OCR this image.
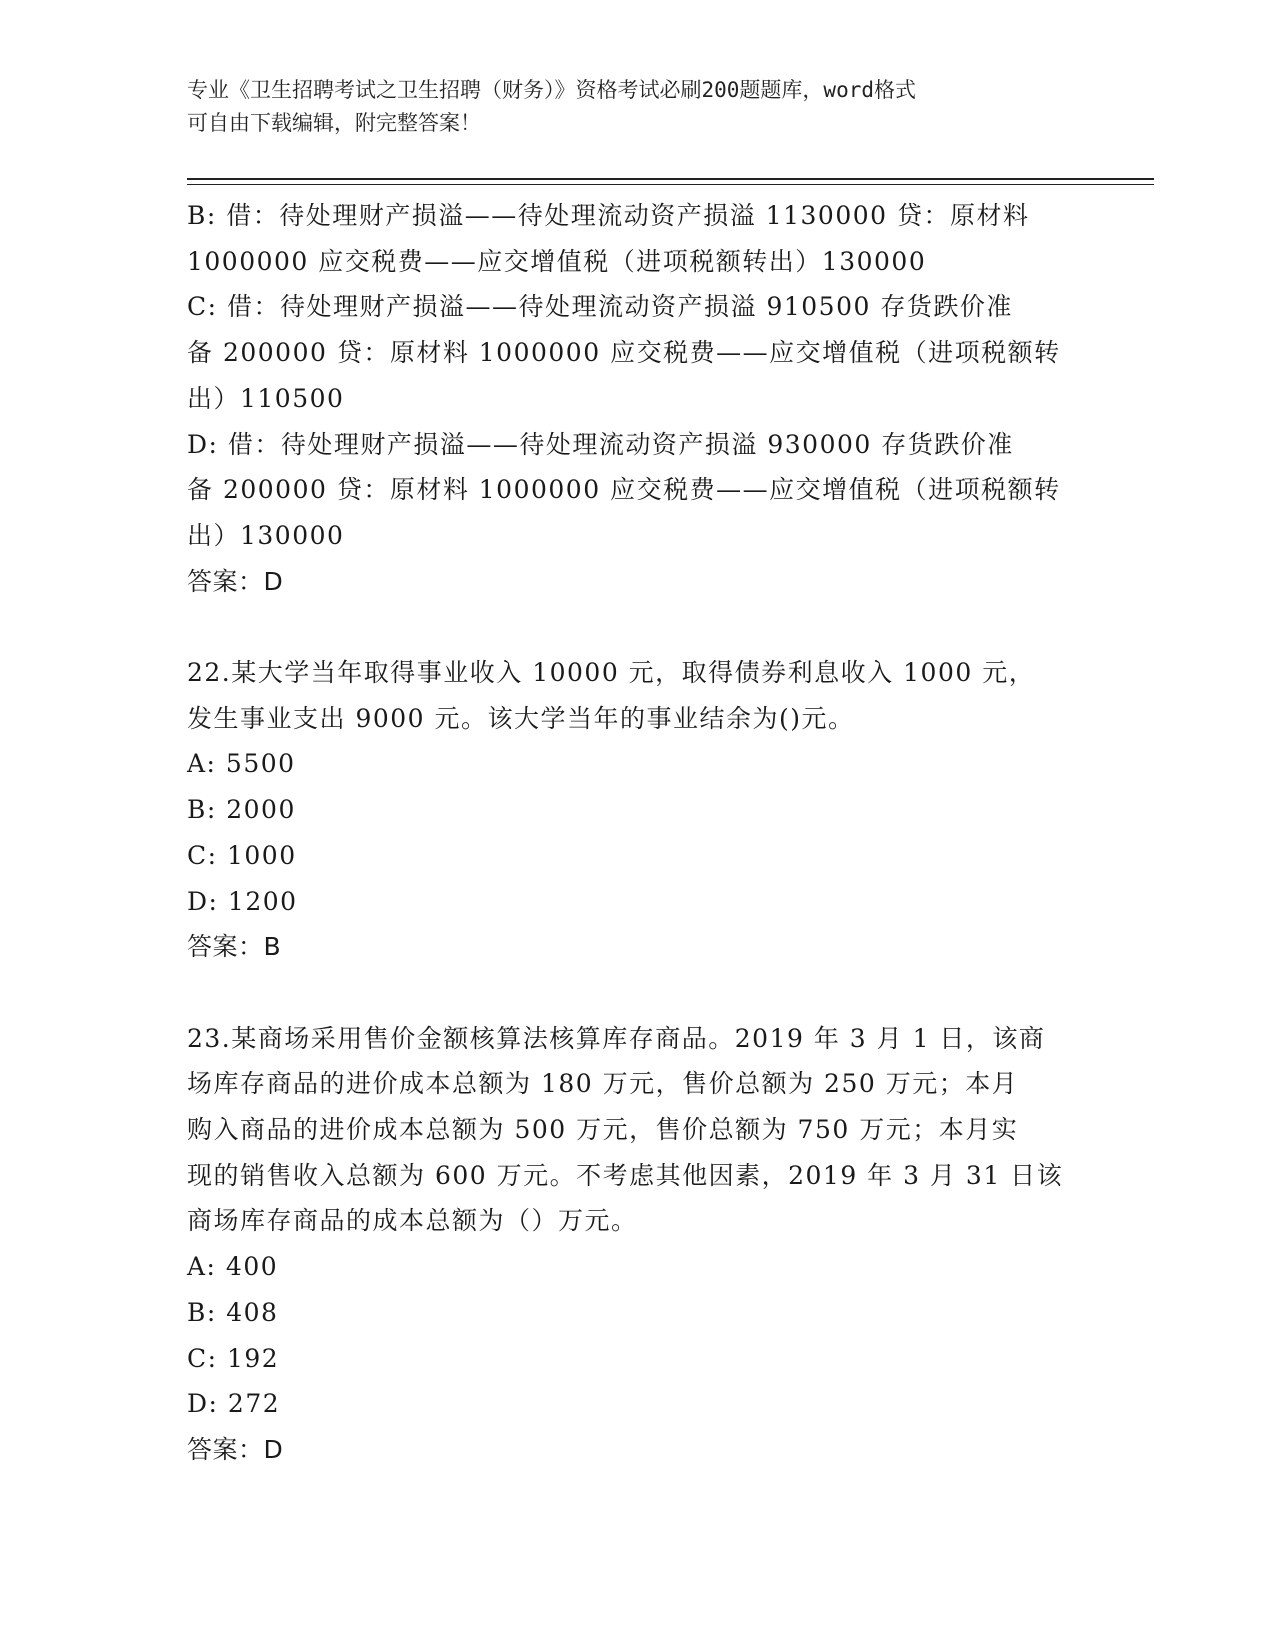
专业《卫生招聘考试之卫生招聘（财务）》资格考试必刷200题题库，word格式
可自由下载编辑，附完整答案！
B: 借：待处理财产损溢——待处理流动资产损溢 1130000 贷：原材料
1000000 应交税费——应交增值税（进项税额转出）130000
C: 借：待处理财产损溢——待处理流动资产损溢 910500 存货跌价准
备 200000 贷：原材料 1000000 应交税费——应交增值税（进项税额转
出）110500
D: 借：待处理财产损溢——待处理流动资产损溢 930000 存货跌价准
备 200000 贷：原材料 1000000 应交税费——应交增值税（进项税额转
出）130000
答案：D
22.某大学当年取得事业收入 10000 元，取得债券利息收入 1000 元，
发生事业支出 9000 元。该大学当年的事业结余为()元。
A: 5500
B: 2000
C: 1000
D: 1200
答案：B
23.某商场采用售价金额核算法核算库存商品。2019 年 3 月 1 日，该商
场库存商品的进价成本总额为 180 万元，售价总额为 250 万元；本月
购入商品的进价成本总额为 500 万元，售价总额为 750 万元；本月实
现的销售收入总额为 600 万元。不考虑其他因素，2019 年 3 月 31 日该
商场库存商品的成本总额为（）万元。
A: 400
B: 408
C: 192
D: 272
答案：D
